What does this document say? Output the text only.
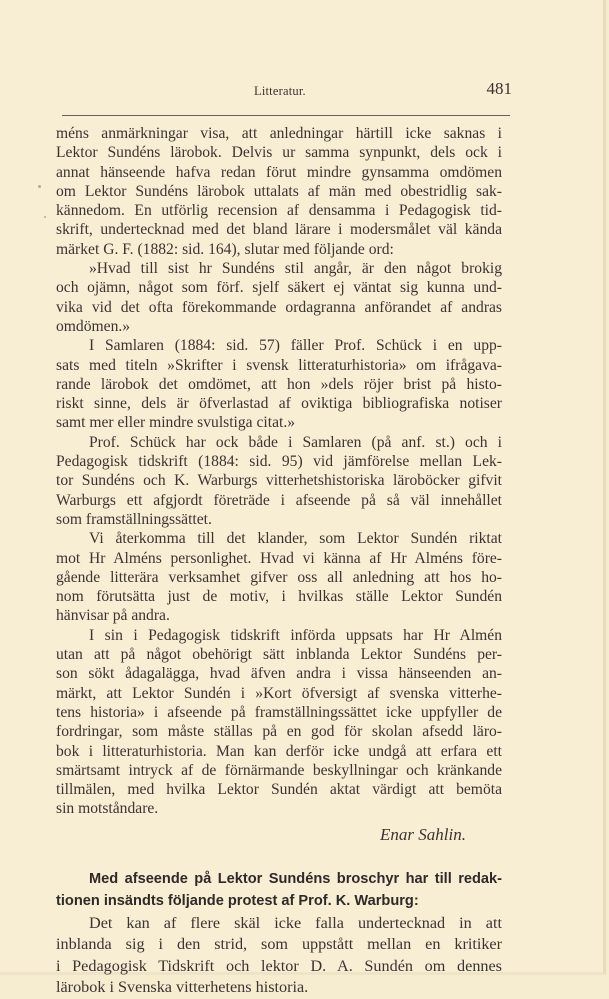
Litteratur.	481
méns anmärkningar visa, att anledningar härtill icke saknas i
Lektor Sundéns lärobok. Delvis ur samma synpunkt, dels ock i
annat hänseende hafva redan förut mindre gynsamma omdömen
om Lektor Sundéns lärobok uttalats af män med obestridlig sak-
kännedom. En utförlig recension af densamma i Pedagogisk tid-
skrift, undertecknad med det bland lärare i modersmålet väl kända
märket G. F. (1882: sid. 164), slutar med följande ord:
»Hvad till sist hr Sundéns stil angår, är den något brokig
och ojämn, något som förf. sjelf säkert ej väntat sig kunna und-
vika vid det ofta förekommande ordagranna anförandet af andras
omdömen.»
I Samlaren (1884: sid. 57) fäller Prof. Schück i en upp-
sats med titeln »Skrifter i svensk litteraturhistoria» om ifrågava-
rande lärobok det omdömet, att hon »dels röjer brist på histo-
riskt sinne, dels är öfverlastad af oviktiga bibliografiska notiser
samt mer eller mindre svulstiga citat.»
Prof. Schück har ock både i Samlaren (på anf. st.) och i
Pedagogisk tidskrift (1884: sid. 95) vid jämförelse mellan Lek-
tor Sundéns och K. Warburgs vitterhetshistoriska läroböcker gifvit
Warburgs ett afgjordt företräde i afseende på så väl innehållet
som framställningssättet.
Vi återkomma till det klander, som Lektor Sundén riktat
mot Hr Alméns personlighet. Hvad vi känna af Hr Alméns före-
gående litterära verksamhet gifver oss all anledning att hos ho-
nom förutsätta just de motiv, i hvilkas ställe Lektor Sundén
hänvisar på andra.
I sin i Pedagogisk tidskrift införda uppsats har Hr Almén
utan att på något obehörigt sätt inblanda Lektor Sundéns per-
son sökt ådagalägga, hvad äfven andra i vissa hänseenden an-
märkt, att Lektor Sundén i »Kort öfversigt af svenska vitterhe-
tens historia» i afseende på framställningssättet icke uppfyller de
fordringar, som måste ställas på en god för skolan afsedd läro-
bok i litteraturhistoria. Man kan derför icke undgå att erfara ett
smärtsamt intryck af de förnärmande beskyllningar och kränkande
tillmälen, med hvilka Lektor Sundén aktat värdigt att bemöta
sin motståndare.
Enar Sahlin.
Med afseende på Lektor Sundéns broschyr har till redak-
tionen insändts följande protest af Prof. K. Warburg:
Det kan af flere skäl icke falla undertecknad in att
inblanda sig i den strid, som uppstått mellan en kritiker
i Pedagogisk Tidskrift och lektor D. A. Sundén om dennes
lärobok i Svenska vitterhetens historia.
